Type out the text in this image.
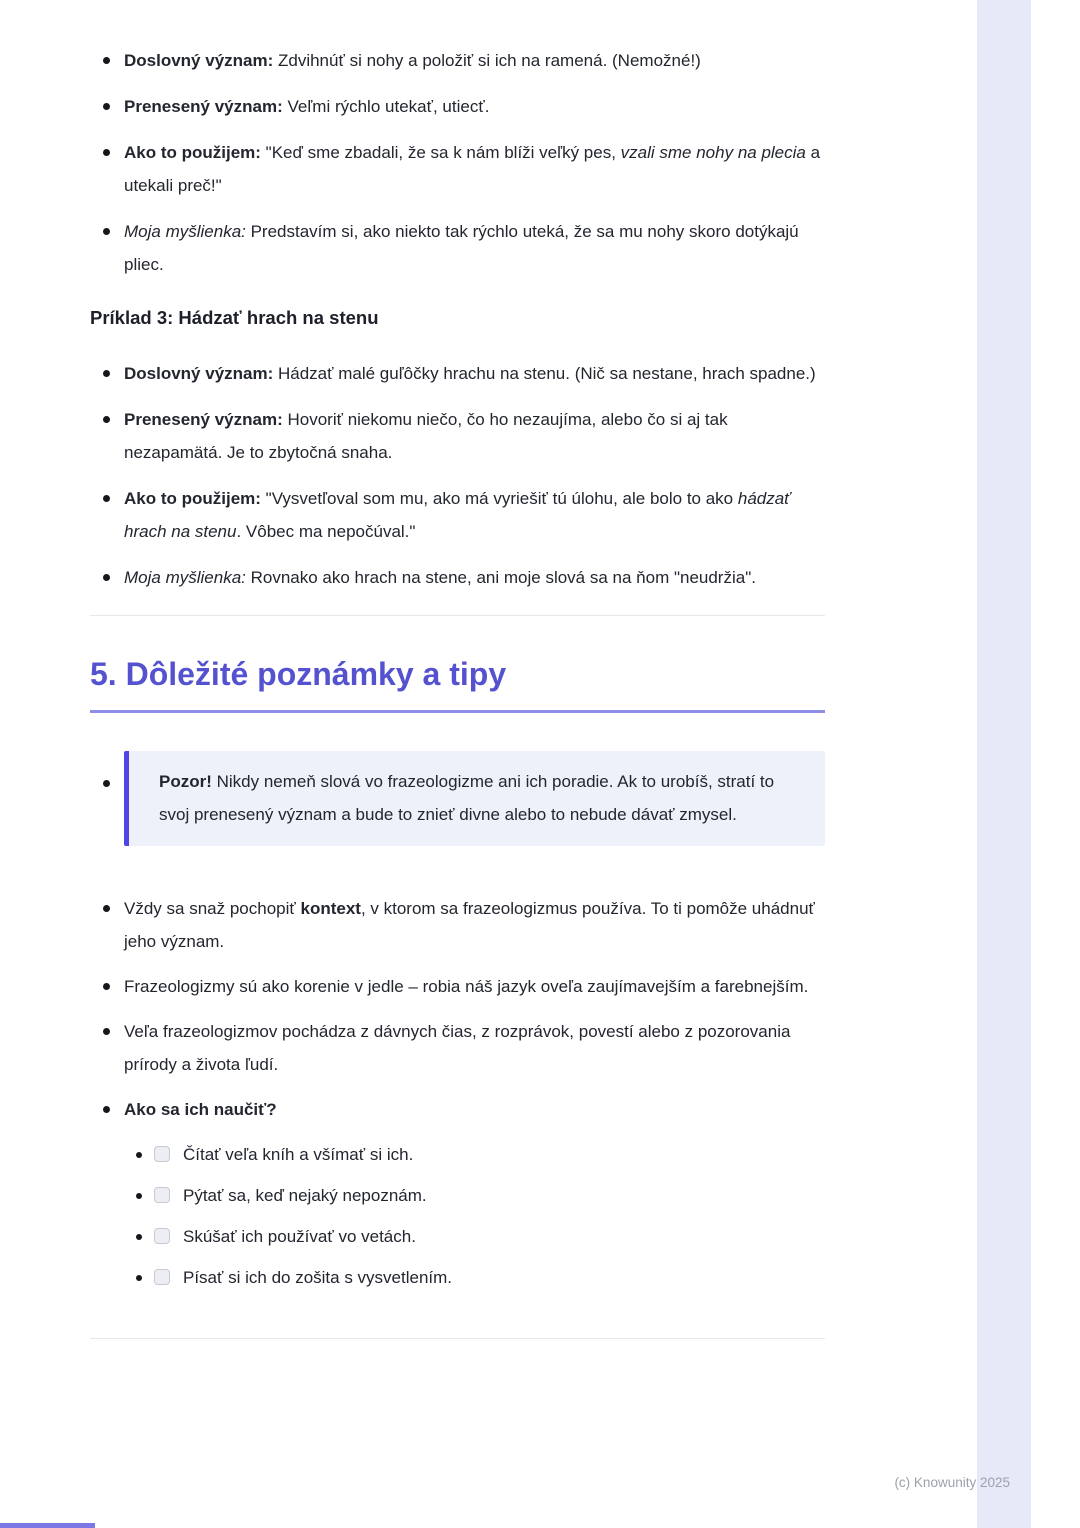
Doslovný význam: Zdvihnúť si nohy a položiť si ich na ramená. (Nemožné!)
Prenesený význam: Veľmi rýchlo utekať, utiecť.
Ako to použijem: "Keď sme zbadali, že sa k nám blíži veľký pes, vzali sme nohy na plecia a utekali preč!"
Moja myšlienka: Predstavím si, ako niekto tak rýchlo uteká, že sa mu nohy skoro dotýkajú pliec.
Príklad 3: Hádzať hrach na stenu
Doslovný význam: Hádzať malé guľôčky hrachu na stenu. (Nič sa nestane, hrach spadne.)
Prenesený význam: Hovoriť niekomu niečo, čo ho nezaujíma, alebo čo si aj tak nezapamätá. Je to zbytočná snaha.
Ako to použijem: "Vysvetľoval som mu, ako má vyriešiť tú úlohu, ale bolo to ako hádzať hrach na stenu. Vôbec ma nepočúval."
Moja myšlienka: Rovnako ako hrach na stene, ani moje slová sa na ňom "neudržia".
5. Dôležité poznámky a tipy
Pozor! Nikdy nemeň slová vo frazeologizme ani ich poradie. Ak to urobíš, stratí to svoj prenesený význam a bude to znieť divne alebo to nebude dávať zmysel.
Vždy sa snaž pochopiť kontext, v ktorom sa frazeologizmus používa. To ti pomôže uhádnuť jeho význam.
Frazeologizmy sú ako korenie v jedle – robia náš jazyk oveľa zaujímavejším a farebnejším.
Veľa frazeologizmov pochádza z dávnych čias, z rozprávok, povestí alebo z pozorovania prírody a života ľudí.
Ako sa ich naučiť?
Čítať veľa kníh a všímať si ich.
Pýtať sa, keď nejaký nepoznám.
Skúšať ich používať vo vetách.
Písať si ich do zošita s vysvetlením.
(c) Knowunity 2025
